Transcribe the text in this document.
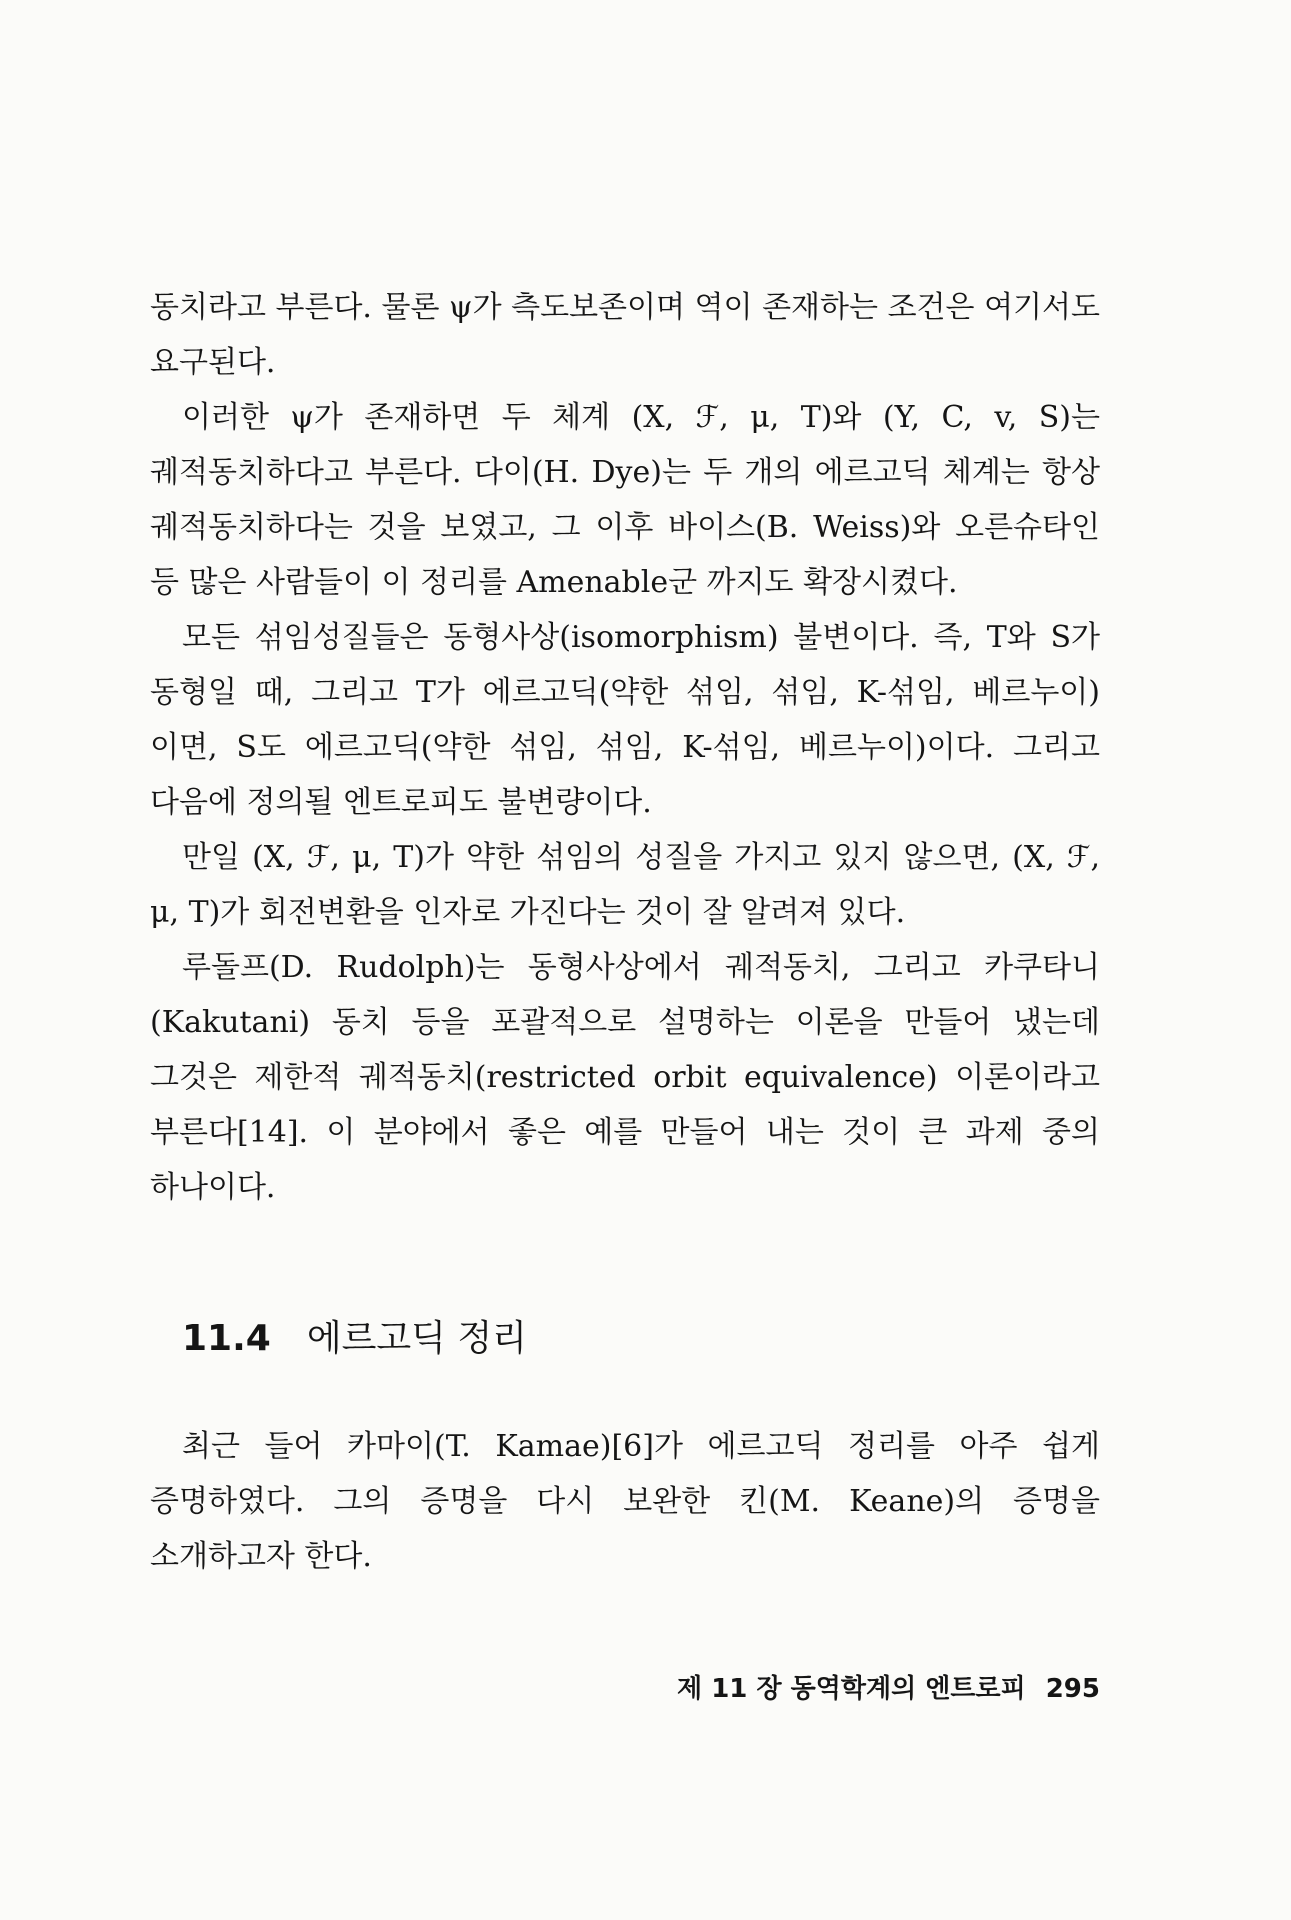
동치라고 부른다. 물론 ψ가 측도보존이며 역이 존재하는 조건은 여기서도 요구된다.

이러한 ψ가 존재하면 두 체계 (X, ℱ, μ, T)와 (Y, C, v, S)는 궤적동치하다고 부른다. 다이(H. Dye)는 두 개의 에르고딕 체계는 항상 궤적동치하다는 것을 보였고, 그 이후 바이스(B. Weiss)와 오른슈타인 등 많은 사람들이 이 정리를 Amenable군 까지도 확장시켰다.

모든 섞임성질들은 동형사상(isomorphism) 불변이다. 즉, T와 S가 동형일 때, 그리고 T가 에르고딕(약한 섞임, 섞임, K-섞임, 베르누이)이면, S도 에르고딕(약한 섞임, 섞임, K-섞임, 베르누이)이다. 그리고 다음에 정의될 엔트로피도 불변량이다.

만일 (X, ℱ, μ, T)가 약한 섞임의 성질을 가지고 있지 않으면, (X, ℱ, μ, T)가 회전변환을 인자로 가진다는 것이 잘 알려져 있다.

루돌프(D. Rudolph)는 동형사상에서 궤적동치, 그리고 카쿠타니(Kakutani) 동치 등을 포괄적으로 설명하는 이론을 만들어 냈는데 그것은 제한적 궤적동치(restricted orbit equivalence) 이론이라고 부른다[14]. 이 분야에서 좋은 예를 만들어 내는 것이 큰 과제 중의 하나이다.

11.4 에르고딕 정리

최근 들어 카마이(T. Kamae)[6]가 에르고딕 정리를 아주 쉽게 증명하였다. 그의 증명을 다시 보완한 킨(M. Keane)의 증명을 소개하고자 한다.

제 11 장 동역학계의 엔트로피 295
